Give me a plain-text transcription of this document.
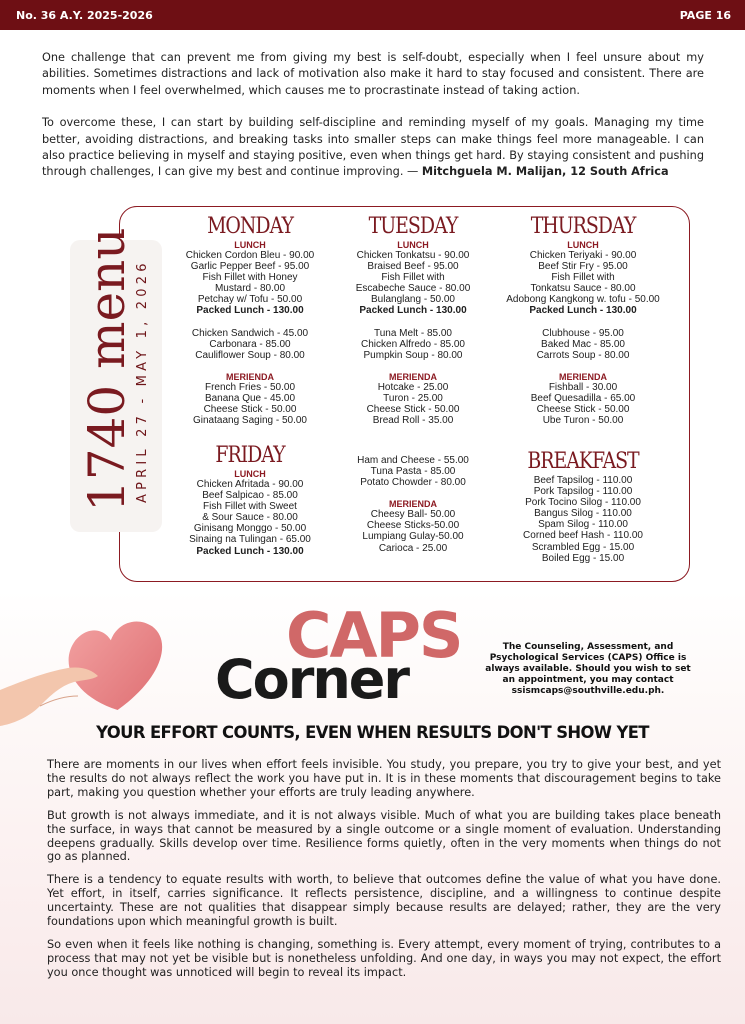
No. 36 A.Y. 2025-2026	PAGE 16

One challenge that can prevent me from giving my best is self-doubt, especially when I feel unsure about my abilities. Sometimes distractions and lack of motivation also make it hard to stay focused and consistent. There are moments when I feel overwhelmed, which causes me to procrastinate instead of taking action.

To overcome these, I can start by building self-discipline and reminding myself of my goals. Managing my time better, avoiding distractions, and breaking tasks into smaller steps can make things feel more manageable. I can also practice believing in myself and staying positive, even when things get hard. By staying consistent and pushing through challenges, I can give my best and continue improving. — Mitchguela M. Malijan, 12 South Africa

1740 menu APRIL 27 - MAY 1, 2026
MONDAY
LUNCH
Chicken Cordon Bleu - 90.00
Garlic Pepper Beef - 95.00
Fish Fillet with Honey
Mustard - 80.00
Petchay w/ Tofu - 50.00
Packed Lunch - 130.00
Chicken Sandwich - 45.00
Carbonara - 85.00
Cauliflower Soup - 80.00
MERIENDA
French Fries - 50.00
Banana Que - 45.00
Cheese Stick - 50.00
Ginataang Saging - 50.00
TUESDAY
LUNCH
Chicken Tonkatsu - 90.00
Braised Beef - 95.00
Fish Fillet with
Escabeche Sauce - 80.00
Bulanglang - 50.00
Packed Lunch - 130.00
Tuna Melt - 85.00
Chicken Alfredo - 85.00
Pumpkin Soup - 80.00
MERIENDA
Hotcake - 25.00
Turon - 25.00
Cheese Stick - 50.00
Bread Roll - 35.00
THURSDAY
LUNCH
Chicken Teriyaki - 90.00
Beef Stir Fry - 95.00
Fish Fillet with
Tonkatsu Sauce - 80.00
Adobong Kangkong w. tofu - 50.00
Packed Lunch - 130.00
Clubhouse - 95.00
Baked Mac - 85.00
Carrots Soup - 80.00
MERIENDA
Fishball - 30.00
Beef Quesadilla - 65.00
Cheese Stick - 50.00
Ube Turon - 50.00
FRIDAY
LUNCH
Chicken Afritada - 90.00
Beef Salpicao - 85.00
Fish Fillet with Sweet
& Sour Sauce - 80.00
Ginisang Monggo - 50.00
Sinaing na Tulingan - 65.00
Packed Lunch - 130.00
Ham and Cheese - 55.00
Tuna Pasta - 85.00
Potato Chowder - 80.00
MERIENDA
Cheesy Ball- 50.00
Cheese Sticks-50.00
Lumpiang Gulay-50.00
Carioca - 25.00
BREAKFAST
Beef Tapsilog - 110.00
Pork Tapsilog - 110.00
Pork Tocino Silog - 110.00
Bangus Silog - 110.00
Spam Silog - 110.00
Corned beef Hash - 110.00
Scrambled Egg - 15.00
Boiled Egg - 15.00
CAPS
Corner
The Counseling, Assessment, and Psychological Services (CAPS) Office is always available. Should you wish to set an appointment, you may contact ssismcaps@southville.edu.ph.
YOUR EFFORT COUNTS, EVEN WHEN RESULTS DON'T SHOW YET

There are moments in our lives when effort feels invisible. You study, you prepare, you try to give your best, and yet the results do not always reflect the work you have put in. It is in these moments that discouragement begins to take part, making you question whether your efforts are truly leading anywhere.

But growth is not always immediate, and it is not always visible. Much of what you are building takes place beneath the surface, in ways that cannot be measured by a single outcome or a single moment of evaluation. Understanding deepens gradually. Skills develop over time. Resilience forms quietly, often in the very moments when things do not go as planned.

There is a tendency to equate results with worth, to believe that outcomes define the value of what you have done. Yet effort, in itself, carries significance. It reflects persistence, discipline, and a willingness to continue despite uncertainty. These are not qualities that disappear simply because results are delayed; rather, they are the very foundations upon which meaningful growth is built.

So even when it feels like nothing is changing, something is. Every attempt, every moment of trying, contributes to a process that may not yet be visible but is nonetheless unfolding. And one day, in ways you may not expect, the effort you once thought was unnoticed will begin to reveal its impact.
